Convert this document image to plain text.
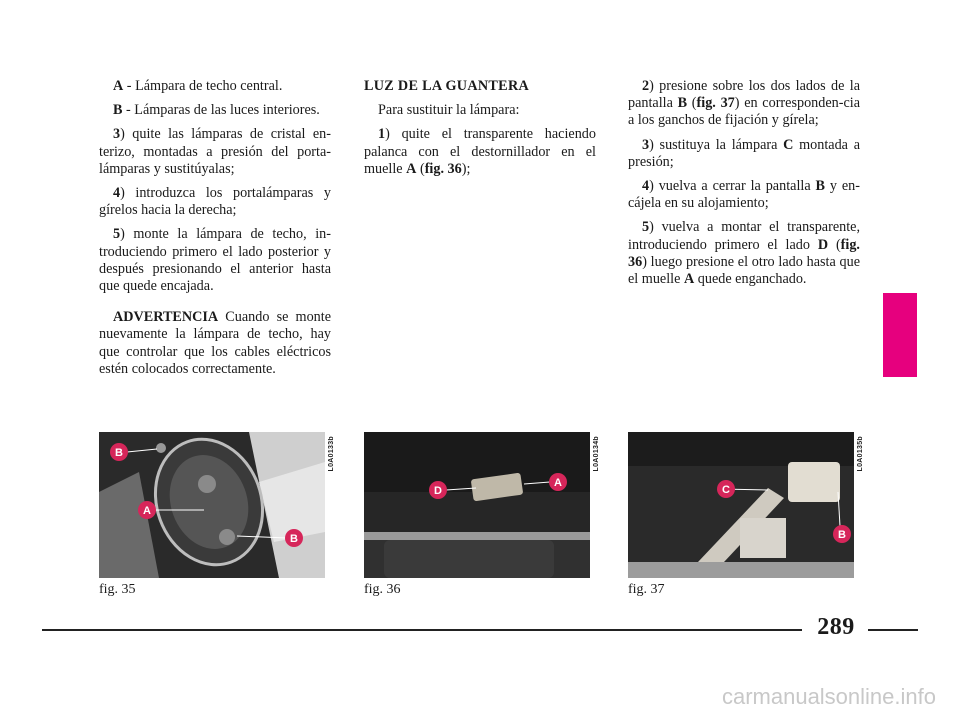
A - Lámpara de techo central.

B - Lámparas de las luces interiores.

3) quite las lámparas de cristal en-terizo, montadas a presión del porta-lámparas y sustitúyalas;

4) introduzca los portalámparas y gírelos hacia la derecha;

5) monte la lámpara de techo, in-troduciendo primero el lado posterior y después presionando el anterior hasta que quede encajada.

ADVERTENCIA Cuando se monte nuevamente la lámpara de techo, hay que controlar que los cables eléctricos estén colocados correctamente.

LUZ DE LA GUANTERA

Para sustituir la lámpara:

1) quite el transparente haciendo palanca con el destornillador en el muelle A (fig. 36);

2) presione sobre los dos lados de la pantalla B (fig. 37) en corresponden-cia a los ganchos de fijación y gírela;

3) sustituya la lámpara C montada a presión;

4) vuelva a cerrar la pantalla B y en-cájela en su alojamiento;

5) vuelva a montar el transparente, introduciendo primero el lado D (fig. 36) luego presione el otro lado hasta que el muelle A quede enganchado.

B
A
B
L0A0133b
fig. 35
D
A
L0A0134b
fig. 36
C
B
L0A0135b
fig. 37
289
carmanualsonline.info
